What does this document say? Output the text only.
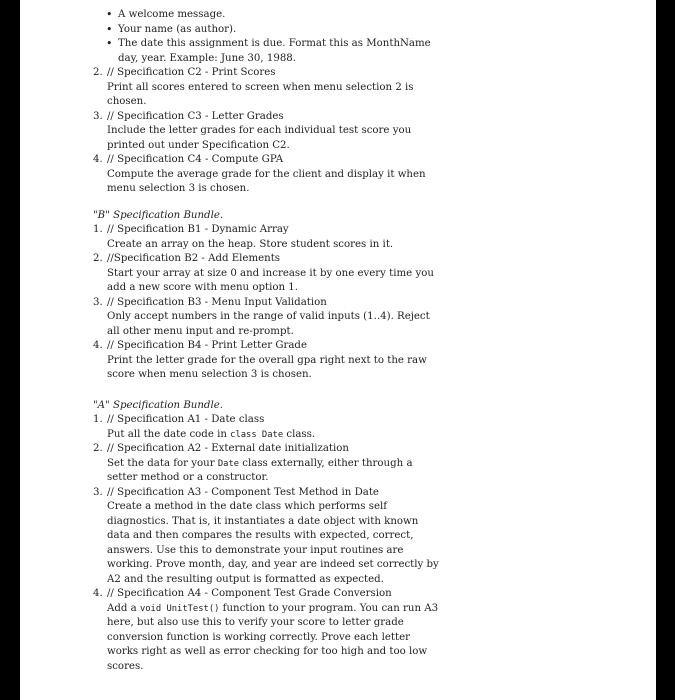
• A welcome message.
• Your name (as author).
• The date this assignment is due. Format this as MonthName day, year. Example: June 30, 1988.
2. // Specification C2 - Print Scores
Print all scores entered to screen when menu selection 2 is chosen.
3. // Specification C3 - Letter Grades
Include the letter grades for each individual test score you printed out under Specification C2.
4. // Specification C4 - Compute GPA
Compute the average grade for the client and display it when menu selection 3 is chosen.
"B" Specification Bundle.
1. // Specification B1 - Dynamic Array
Create an array on the heap. Store student scores in it.
2. //Specification B2 - Add Elements
Start your array at size 0 and increase it by one every time you add a new score with menu option 1.
3. // Specification B3 - Menu Input Validation
Only accept numbers in the range of valid inputs (1..4). Reject all other menu input and re-prompt.
4. // Specification B4 - Print Letter Grade
Print the letter grade for the overall gpa right next to the raw score when menu selection 3 is chosen.
"A" Specification Bundle.
1. // Specification A1 - Date class
Put all the date code in class Date class.
2. // Specification A2 - External date initialization
Set the data for your Date class externally, either through a setter method or a constructor.
3. // Specification A3 - Component Test Method in Date
Create a method in the date class which performs self diagnostics. That is, it instantiates a date object with known data and then compares the results with expected, correct, answers. Use this to demonstrate your input routines are working. Prove month, day, and year are indeed set correctly by A2 and the resulting output is formatted as expected.
4. // Specification A4 - Component Test Grade Conversion
Add a void UnitTest() function to your program. You can run A3 here, but also use this to verify your score to letter grade conversion function is working correctly. Prove each letter works right as well as error checking for too high and too low scores.
